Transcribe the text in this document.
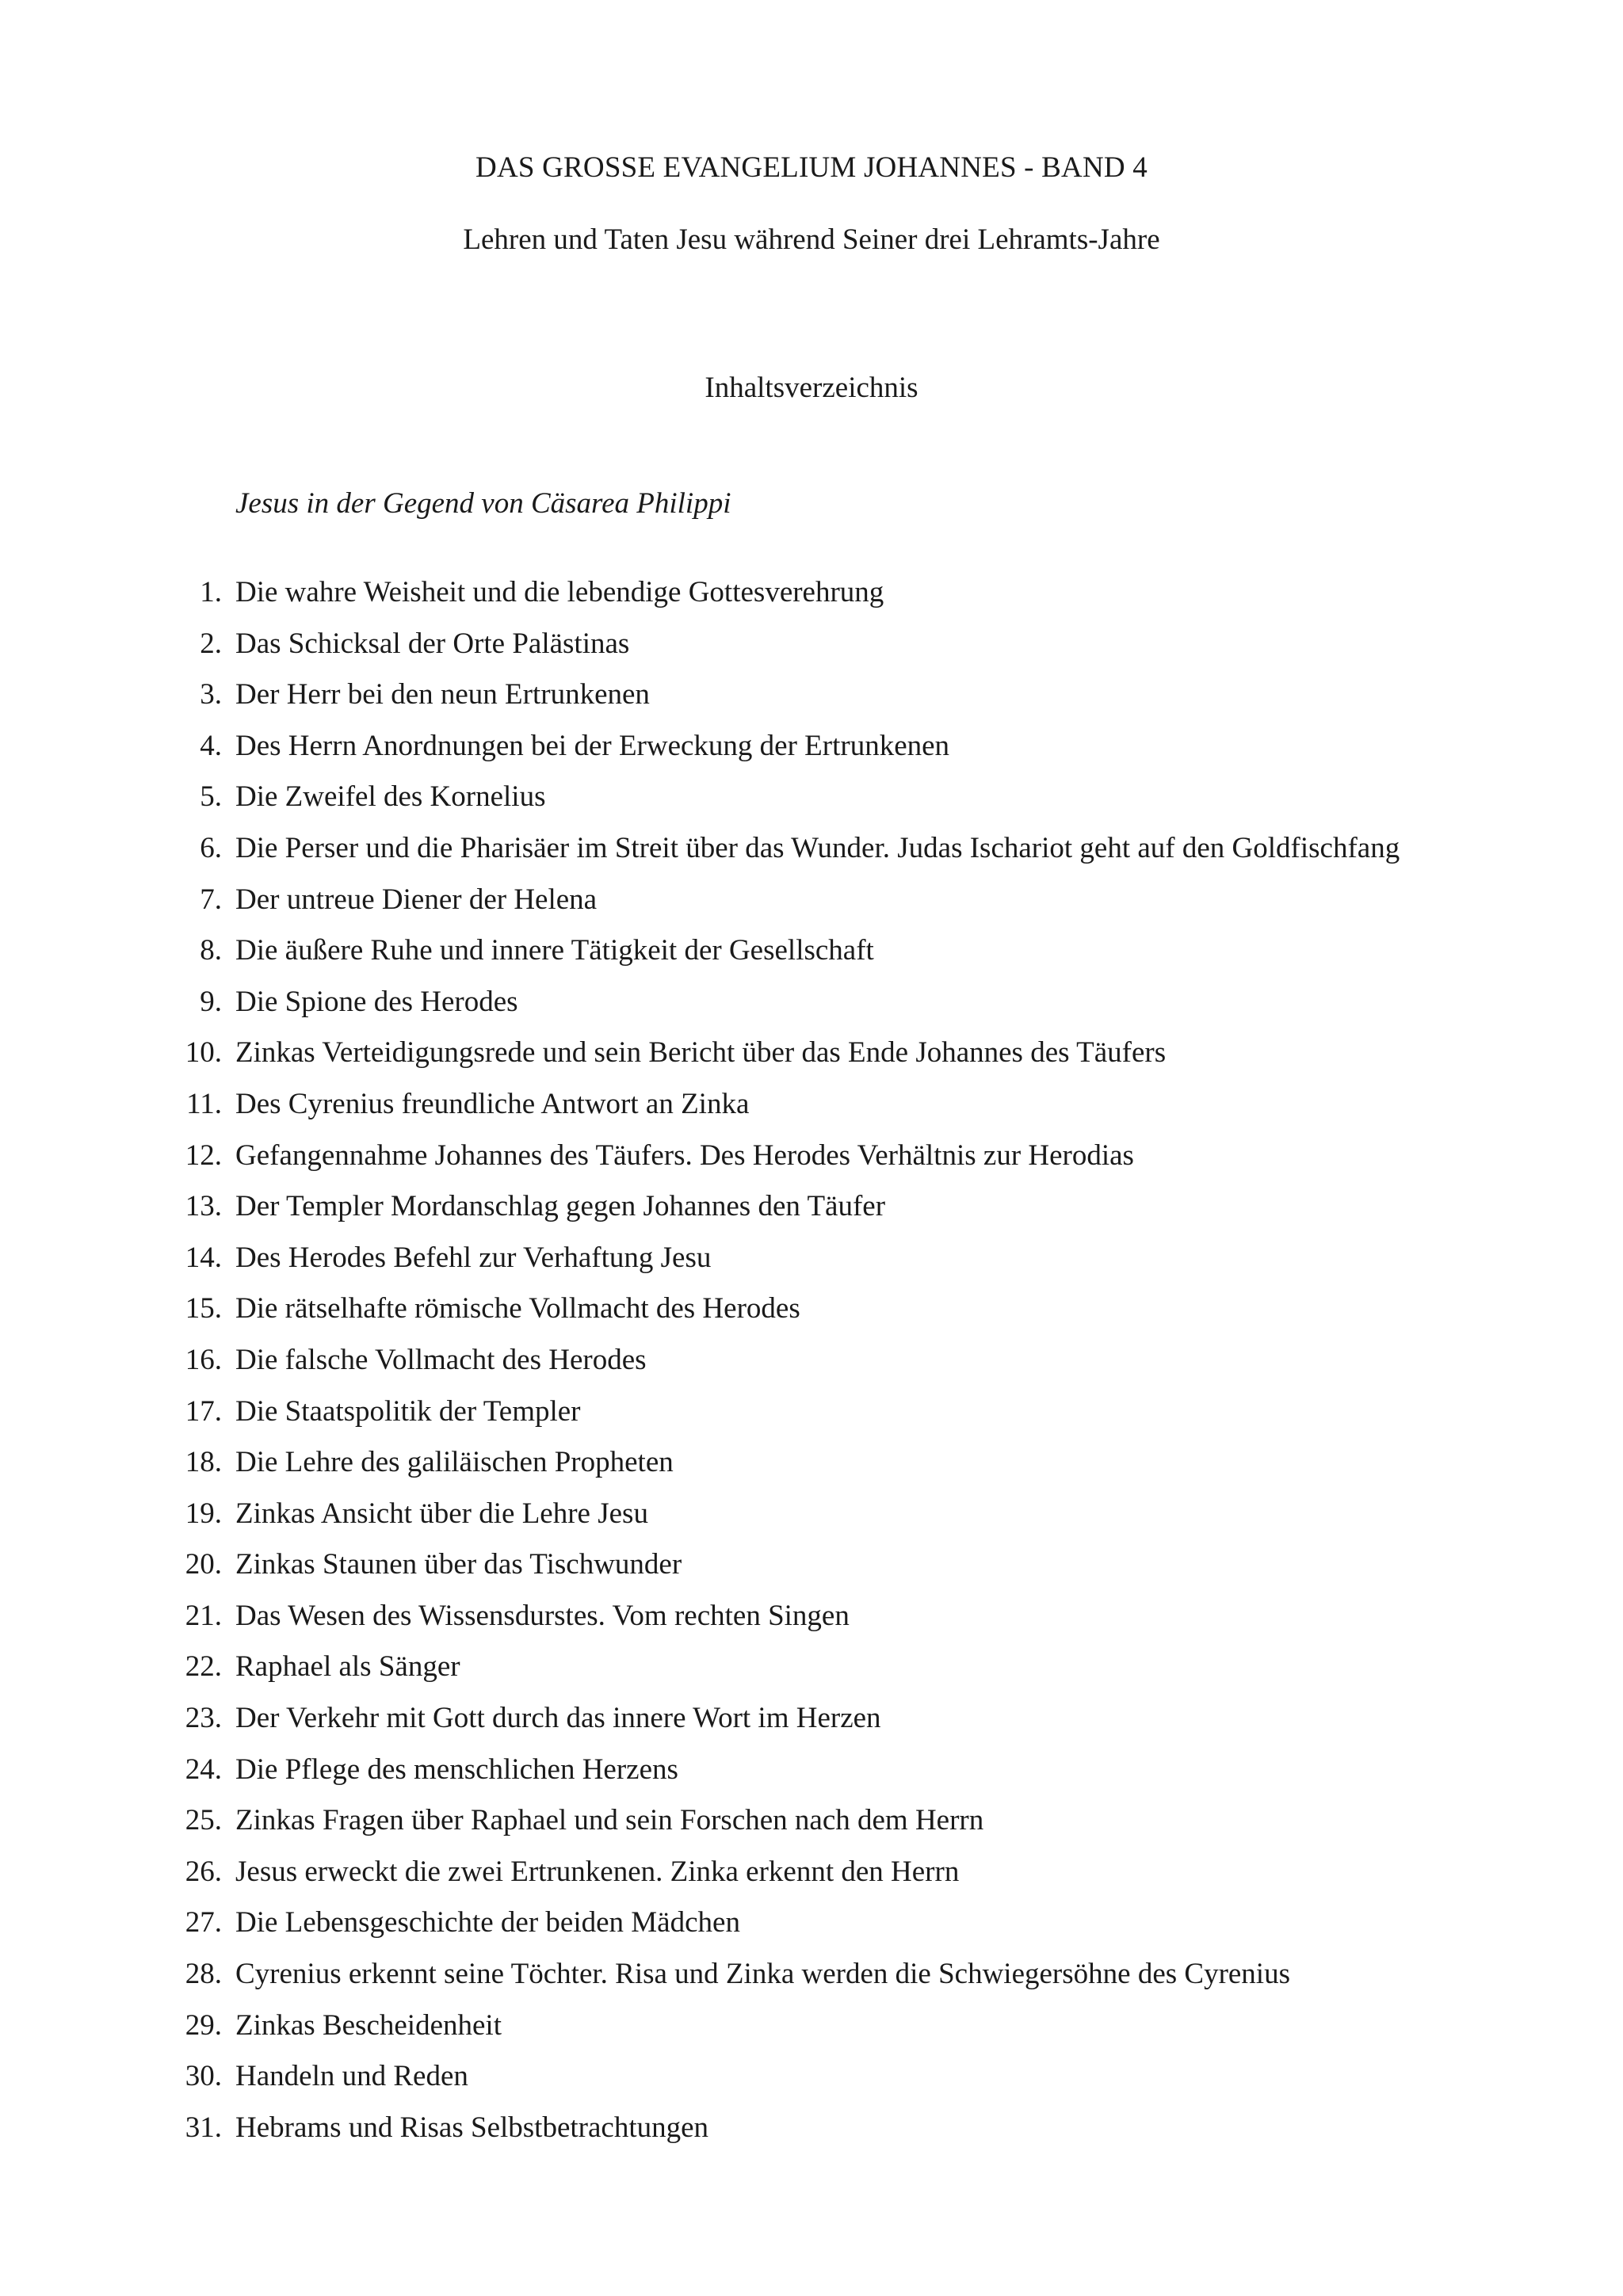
DAS GROSSE EVANGELIUM JOHANNES - BAND 4
Lehren und Taten Jesu während Seiner drei Lehramts-Jahre
Inhaltsverzeichnis
Jesus in der Gegend von Cäsarea Philippi
1. Die wahre Weisheit und die lebendige Gottesverehrung
2. Das Schicksal der Orte Palästinas
3. Der Herr bei den neun Ertrunkenen
4. Des Herrn Anordnungen bei der Erweckung der Ertrunkenen
5. Die Zweifel des Kornelius
6. Die Perser und die Pharisäer im Streit über das Wunder. Judas Ischariot geht auf den Goldfischfang
7. Der untreue Diener der Helena
8. Die äußere Ruhe und innere Tätigkeit der Gesellschaft
9. Die Spione des Herodes
10. Zinkas Verteidigungsrede und sein Bericht über das Ende Johannes des Täufers
11. Des Cyrenius freundliche Antwort an Zinka
12. Gefangennahme Johannes des Täufers. Des Herodes Verhältnis zur Herodias
13. Der Templer Mordanschlag gegen Johannes den Täufer
14. Des Herodes Befehl zur Verhaftung Jesu
15. Die rätselhafte römische Vollmacht des Herodes
16. Die falsche Vollmacht des Herodes
17. Die Staatspolitik der Templer
18. Die Lehre des galiläischen Propheten
19. Zinkas Ansicht über die Lehre Jesu
20. Zinkas Staunen über das Tischwunder
21. Das Wesen des Wissensdurstes. Vom rechten Singen
22. Raphael als Sänger
23. Der Verkehr mit Gott durch das innere Wort im Herzen
24. Die Pflege des menschlichen Herzens
25. Zinkas Fragen über Raphael und sein Forschen nach dem Herrn
26. Jesus erweckt die zwei Ertrunkenen. Zinka erkennt den Herrn
27. Die Lebensgeschichte der beiden Mädchen
28. Cyrenius erkennt seine Töchter. Risa und Zinka werden die Schwiegersöhne des Cyrenius
29. Zinkas Bescheidenheit
30. Handeln und Reden
31. Hebrams und Risas Selbstbetrachtungen
